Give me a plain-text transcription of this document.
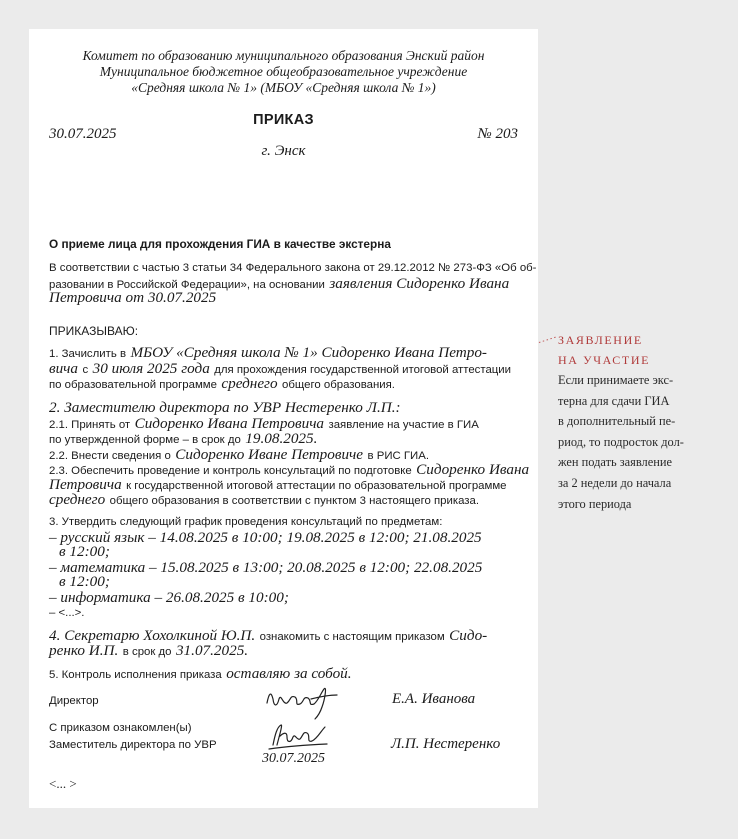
Комитет по образованию муниципального образования Энский район
Муниципальное бюджетное общеобразовательное учреждение
«Средняя школа № 1» (МБОУ «Средняя школа № 1»)
ПРИКАЗ
30.07.2025	№ 203
г. Энск
О приеме лица для прохождения ГИА в качестве экстерна
В соответствии с частью 3 статьи 34 Федерального закона от 29.12.2012 № 273-ФЗ «Об об-
разовании в Российской Федерации», на основании заявления Сидоренко Ивана
Петровича от 30.07.2025
ПРИКАЗЫВАЮ:
1. Зачислить в МБОУ «Средняя школа № 1» Сидоренко Ивана Петро-
вича с 30 июля 2025 года для прохождения государственной итоговой аттестации
по образовательной программе среднего общего образования.
2. Заместителю директора по УВР Нестеренко Л.П.:
2.1. Принять от Сидоренко Ивана Петровича заявление на участие в ГИА
по утвержденной форме – в срок до 19.08.2025.
2.2. Внести сведения о Сидоренко Иване Петровиче в РИС ГИА.
2.3. Обеспечить проведение и контроль консультаций по подготовке Сидоренко Ивана
Петровича к государственной итоговой аттестации по образовательной программе
среднего общего образования в соответствии с пунктом 3 настоящего приказа.
3. Утвердить следующий график проведения консультаций по предметам:
– русский язык – 14.08.2025 в 10:00; 19.08.2025 в 12:00; 21.08.2025
в 12:00;
– математика – 15.08.2025 в 13:00; 20.08.2025 в 12:00; 22.08.2025
в 12:00;
– информатика – 26.08.2025 в 10:00;
– <...>.
4. Секретарю Хохолкиной Ю.П. ознакомить с настоящим приказом Сидо-
ренко И.П. в срок до 31.07.2025.
5. Контроль исполнения приказа оставляю за собой.
Директор	Е.А. Иванова
С приказом ознакомлен(ы)
Заместитель директора по УВР
30.07.2025
Л.П. Нестеренко
<... >
ЗАЯВЛЕНИЕ
НА УЧАСТИЕ
Если принимаете экс-
терна для сдачи ГИА
в дополнительный пе-
риод, то подросток дол-
жен подать заявление
за 2 недели до начала
этого периода
